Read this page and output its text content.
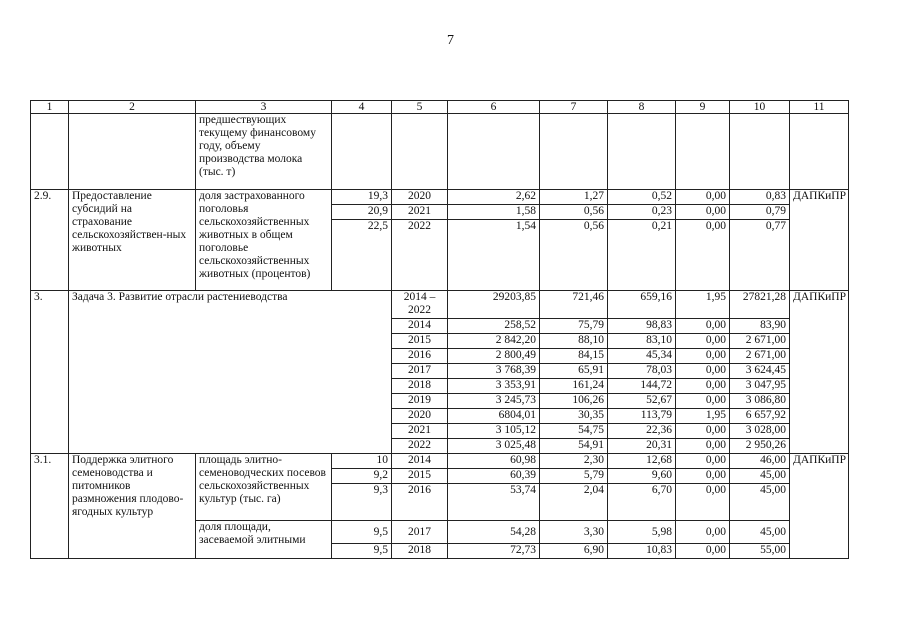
7
1	2	3	4	5	6	7	8	9	10	11
		предшествующих текущему финансовому году, объему производства молока (тыс. т)								
2.9.	Предоставление субсидий на страхование сельскохозяйствен-ных животных	доля застрахованного поголовья сельскохозяйственных животных в общем поголовье сельскохозяйственных животных (процентов)	19,3	2020	2,62	1,27	0,52	0,00	0,83	ДАПКиПР
			20,9	2021	1,58	0,56	0,23	0,00	0,79	
			22,5	2022	1,54	0,56	0,21	0,00	0,77	
3.	Задача 3. Развитие отрасли растениеводства			2014 – 2022	29203,85	721,46	659,16	1,95	27821,28	ДАПКиПР
				2014	258,52	75,79	98,83	0,00	83,90	
				2015	2 842,20	88,10	83,10	0,00	2 671,00	
				2016	2 800,49	84,15	45,34	0,00	2 671,00	
				2017	3 768,39	65,91	78,03	0,00	3 624,45	
				2018	3 353,91	161,24	144,72	0,00	3 047,95	
				2019	3 245,73	106,26	52,67	0,00	3 086,80	
				2020	6804,01	30,35	113,79	1,95	6 657,92	
				2021	3 105,12	54,75	22,36	0,00	3 028,00	
				2022	3 025,48	54,91	20,31	0,00	2 950,26	
3.1.	Поддержка элитного семеноводства и питомников размножения плодово-ягодных культур	площадь элитно-семеноводческих посевов сельскохозяйственных культур (тыс. га)	10	2014	60,98	2,30	12,68	0,00	46,00	ДАПКиПР
			9,2	2015	60,39	5,79	9,60	0,00	45,00	
			9,3	2016	53,74	2,04	6,70	0,00	45,00	
		доля площади, засеваемой элитными	9,5	2017	54,28	3,30	5,98	0,00	45,00	
			9,5	2018	72,73	6,90	10,83	0,00	55,00	
